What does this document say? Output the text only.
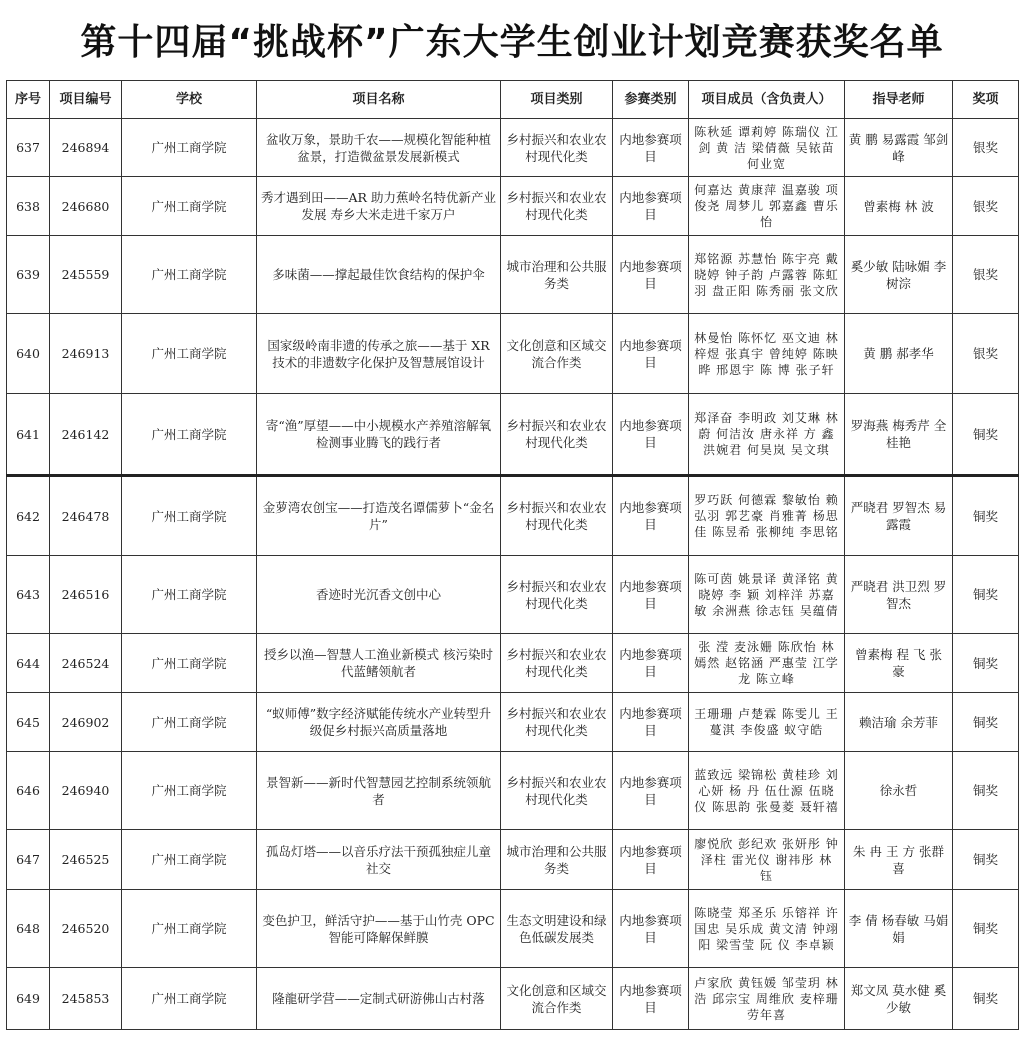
第十四届“挑战杯”广东大学生创业计划竞赛获奖名单
序号	项目编号	学校	项目名称	项目类别	参赛类别	项目成员（含负责人）	指导老师	奖项
637	246894	广州工商学院	盆收万象，景助千农——规模化智能种植盆景，打造微盆景发展新模式	乡村振兴和农业农村现代化类	内地参赛项目	陈秋延 谭莉婷 陈瑞仪 江 剑 黄 洁 梁倩薇 吴铱苗 何业宽	黄 鹏 易露霞 邹剑峰	银奖
638	246680	广州工商学院	秀才遇到田——AR 助力蕉岭名特优新产业发展 寿乡大米走进千家万户	乡村振兴和农业农村现代化类	内地参赛项目	何嘉达 黄康萍 温嘉骏 项俊尧 周梦儿 郭嘉鑫 曹乐怡	曾素梅 林 波	银奖
639	245559	广州工商学院	多味菌——撑起最佳饮食结构的保护伞	城市治理和公共服务类	内地参赛项目	郑铭源 苏慧怡 陈宇亮 戴晓婷 钟子韵 卢露蓉 陈虹羽 盘正阳 陈秀丽 张文欣	奚少敏 陆咏媚 李树淙	银奖
640	246913	广州工商学院	国家级岭南非遗的传承之旅——基于 XR 技术的非遗数字化保护及智慧展馆设计	文化创意和区域交流合作类	内地参赛项目	林曼怡 陈怀忆 巫文迪 林梓煜 张真宇 曾纯婷 陈映晔 邢恩宇 陈 博 张子轩	黄 鹏 郝孝华	银奖
641	246142	广州工商学院	寄“渔”厚望——中小规模水产养殖溶解氧检测事业腾飞的践行者	乡村振兴和农业农村现代化类	内地参赛项目	郑泽奋 李明政 刘艾琳 林 蔚 何洁汝 唐永祥 方 鑫 洪婉君 何昊岚 吴文琪	罗海燕 梅秀芹 全桂艳	铜奖
642	246478	广州工商学院	金萝湾农创宝——打造茂名谭儒萝卜“金名片”	乡村振兴和农业农村现代化类	内地参赛项目	罗巧跃 何德霖 黎敏怡 赖弘羽 郭艺豪 肖雅菁 杨思佳 陈昱希 张柳纯 李思铭	严晓君 罗智杰 易露霞	铜奖
643	246516	广州工商学院	香迹时光沉香文创中心	乡村振兴和农业农村现代化类	内地参赛项目	陈可茵 姚景译 黄泽铭 黄晓婷 李 颖 刘梓洋 苏嘉敏 余洲燕 徐志钰 吴蕴倩	严晓君 洪卫烈 罗智杰	铜奖
644	246524	广州工商学院	授乡以渔—智慧人工渔业新模式 核污染时代蓝鳍领航者	乡村振兴和农业农村现代化类	内地参赛项目	张 滢 麦泳姗 陈欣怡 林嫣然 赵铭涵 严惠莹 江学龙 陈立峰	曾素梅 程 飞 张 豪	铜奖
645	246902	广州工商学院	“蚁师傅”数字经济赋能传统水产业转型升 级促乡村振兴高质量落地	乡村振兴和农业农村现代化类	内地参赛项目	王珊珊 卢楚霖 陈雯儿 王蔓淇 李俊盛 蚁守皓	赖洁瑜 余芳菲	铜奖
646	246940	广州工商学院	景智新——新时代智慧园艺控制系统领航者	乡村振兴和农业农村现代化类	内地参赛项目	蓝致远 梁锦松 黄桂珍 刘心妍 杨 丹 伍仕源 伍晓仪 陈思韵 张曼菱 聂轩禧	徐永哲	铜奖
647	246525	广州工商学院	孤岛灯塔——以音乐疗法干预孤独症儿童社交	城市治理和公共服务类	内地参赛项目	廖悦欣 彭纪欢 张妍彤 钟泽柱 雷光仪 谢祎彤 林 钰	朱 冉 王 方 张群喜	铜奖
648	246520	广州工商学院	变色护卫，鲜活守护——基于山竹壳 OPC 智能可降解保鲜膜	生态文明建设和绿色低碳发展类	内地参赛项目	陈晓莹 郑圣乐 乐镕祥 许国忠 吴乐成 黄文清 钟翊阳 梁雪莹 阮 仪 李卓颖	李 倩 杨春敏 马娟娟	铜奖
649	245853	广州工商学院	隆龍研学营——定制式研游佛山古村落	文化创意和区域交流合作类	内地参赛项目	卢家欣 黄钰媛 邹莹玥 林 浩 邱宗宝 周维欣 麦梓珊 劳年喜	郑文凤 莫水健 奚少敏	铜奖
